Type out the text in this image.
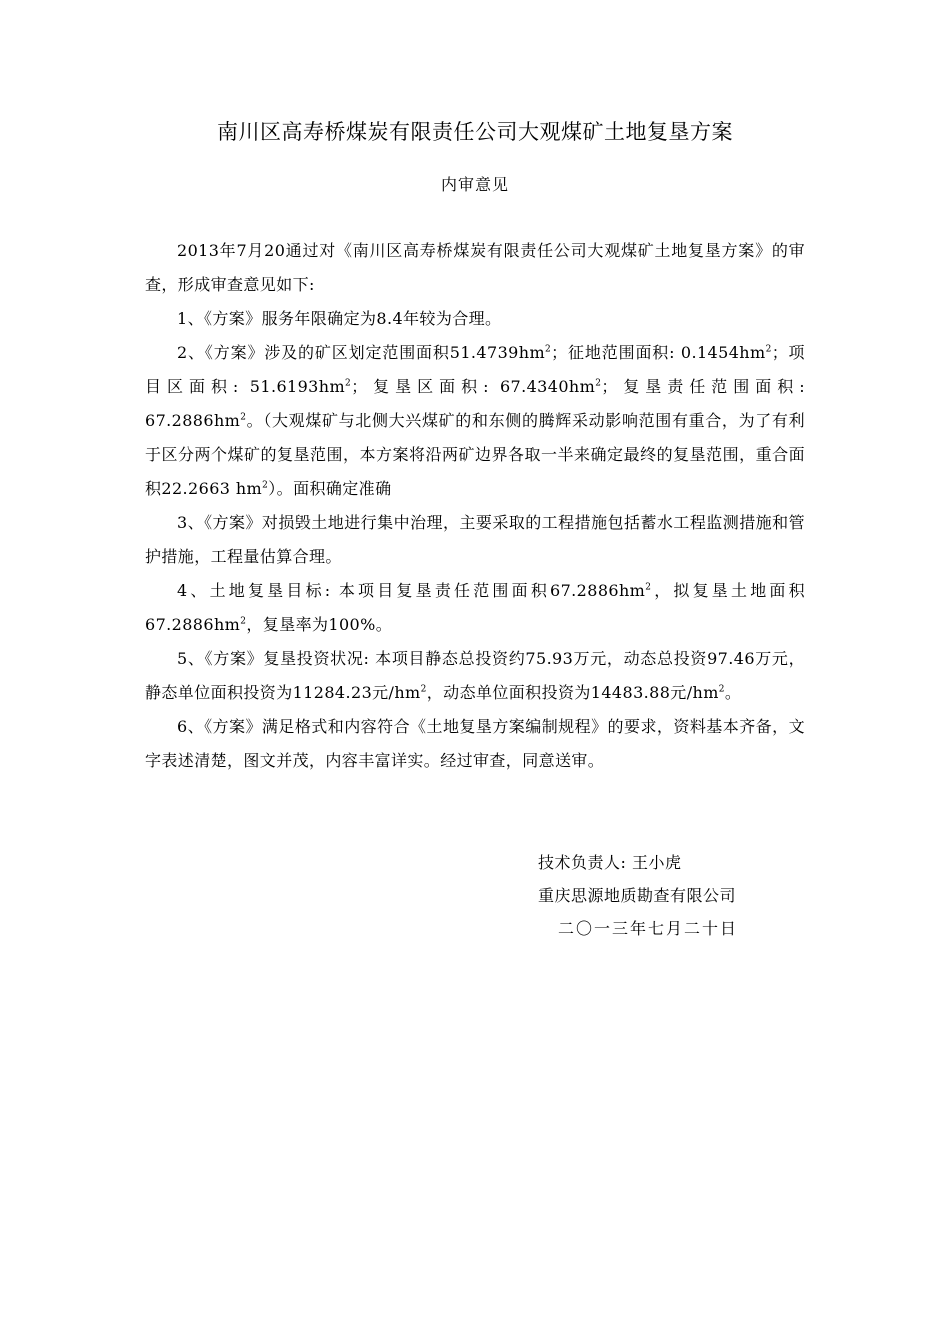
南川区高寿桥煤炭有限责任公司大观煤矿土地复垦方案
内审意见

2013年7月20通过对《南川区高寿桥煤炭有限责任公司大观煤矿土地复垦方案》的审查，形成审查意见如下:

1、《方案》服务年限确定为8.4年较为合理。

2、《方案》涉及的矿区划定范围面积$51.4739hm^2$；征地范围面积: $0.1454hm^2$；项目区面积: $51.6193hm^2$；复垦区面积: $67.4340hm^2$；复垦责任范围面积: $67.2886hm^2$。（大观煤矿与北侧大兴煤矿的和东侧的腾辉采动影响范围有重合，为了有利于区分两个煤矿的复垦范围，本方案将沿两矿边界各取一半来确定最终的复垦范围，重合面积22.2663 $hm^2$）。面积确定准确

3、《方案》对损毁土地进行集中治理，主要采取的工程措施包括蓄水工程监测措施和管护措施，工程量估算合理。

4、土地复垦目标: 本项目复垦责任范围面积$67.2886hm^2$，拟复垦土地面积$67.2886hm^2$，复垦率为100%。

5、《方案》复垦投资状况: 本项目静态总投资约75.93万元，动态总投资97.46万元，静态单位面积投资为11284.23元$/hm^2$，动态单位面积投资为14483.88元$/hm^2$。

6、《方案》满足格式和内容符合《土地复垦方案编制规程》的要求，资料基本齐备，文字表述清楚，图文并茂，内容丰富详实。经过审查，同意送审。

技术负责人: 王小虎
重庆思源地质勘查有限公司
二〇一三年七月二十日
